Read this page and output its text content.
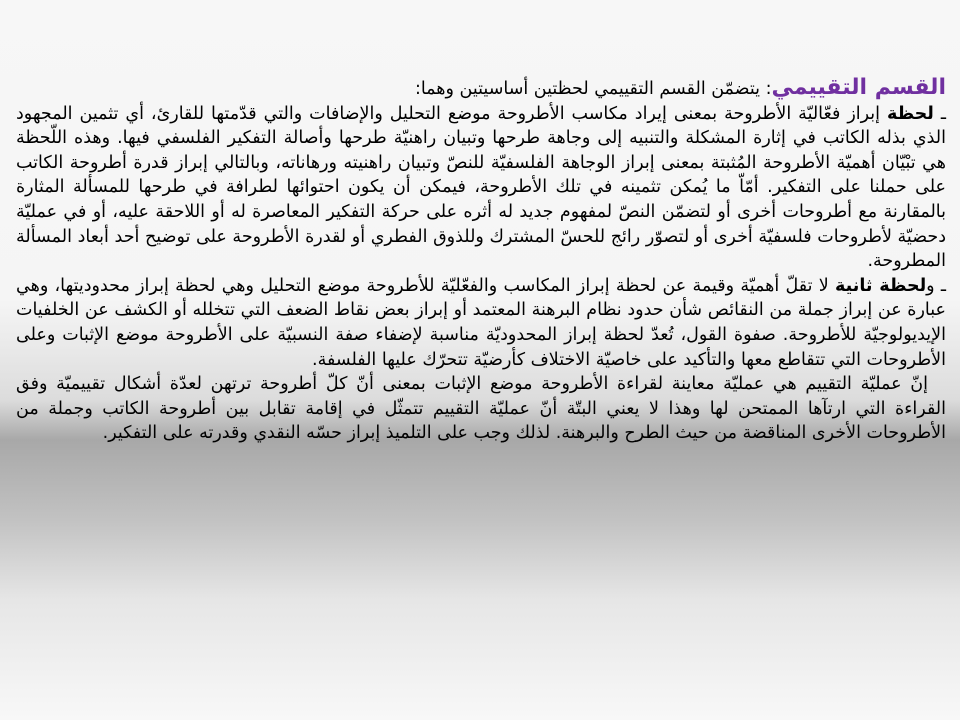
القسم التقييمي: يتضمّن القسم التقييمي لحظتين أساسيتين وهما:

ـ لحظة إبراز فعّاليّة الأطروحة بمعنى إيراد مكاسب الأطروحة موضع التحليل والإضافات والتي قدّمتها للقارئ، أي تثمين المجهود الذي بذله الكاتب في إثارة المشكلة والتنبيه إلى وجاهة طرحها وتبيان راهنيّة طرحها وأصالة التفكير الفلسفي فيها. وهذه اللّحظة هي تبْيّان أهميّة الأطروحة المُثبتة بمعنى إبراز الوجاهة الفلسفيّة للنصّ وتبيان راهنيته ورهاناته، وبالتالي إبراز قدرة أطروحة الكاتب على حملنا على التفكير. أمّاّ ما يُمكن تثمينه في تلك الأطروحة، فيمكن أن يكون احتوائها لطرافة في طرحها للمسألة المثارة بالمقارنة مع أطروحات أخرى أو لتضمّن النصّ لمفهوم جديد له أثره على حركة التفكير المعاصرة له أو اللاحقة عليه، أو في عمليّة دحضيّة لأطروحات فلسفيّة أخرى أو لتصوّر رائج للحسّ المشترك وللذوق الفطري أو لقدرة الأطروحة على توضيح أحد أبعاد المسألة المطروحة.

ـ ولحظة ثانية لا تقلّ أهميّة وقيمة عن لحظة إبراز المكاسب والفعّليّة للأطروحة موضع التحليل وهي لحظة إبراز محدوديتها، وهي عبارة عن إبراز جملة من النقائص شأن حدود نظام البرهنة المعتمد أو إبراز بعض نقاط الضعف التي تتخلله أو الكشف عن الخلفيات الإيديولوجيّة للأطروحة. صفوة القول، تُعدّ لحظة إبراز المحدوديّة مناسبة لإضفاء صفة النسبيّة على الأطروحة موضع الإثبات وعلى الأطروحات التي تتقاطع معها والتأكيد على خاصيّة الاختلاف كأرضيّة تتحرّك عليها الفلسفة.

إنّ عمليّة التقييم هي عمليّة معاينة لقراءة الأطروحة موضع الإثبات بمعنى أنّ كلّ أطروحة ترتهن لعدّة أشكال تقييميّة وفق القراءة التي ارتآها الممتحن لها وهذا لا يعني البتّة أنّ عمليّة التقييم تتمثّل في إقامة تقابل بين أطروحة الكاتب وجملة من الأطروحات الأخرى المناقضة من حيث الطرح والبرهنة. لذلك وجب على التلميذ إبراز حسّه النقدي وقدرته على التفكير.
